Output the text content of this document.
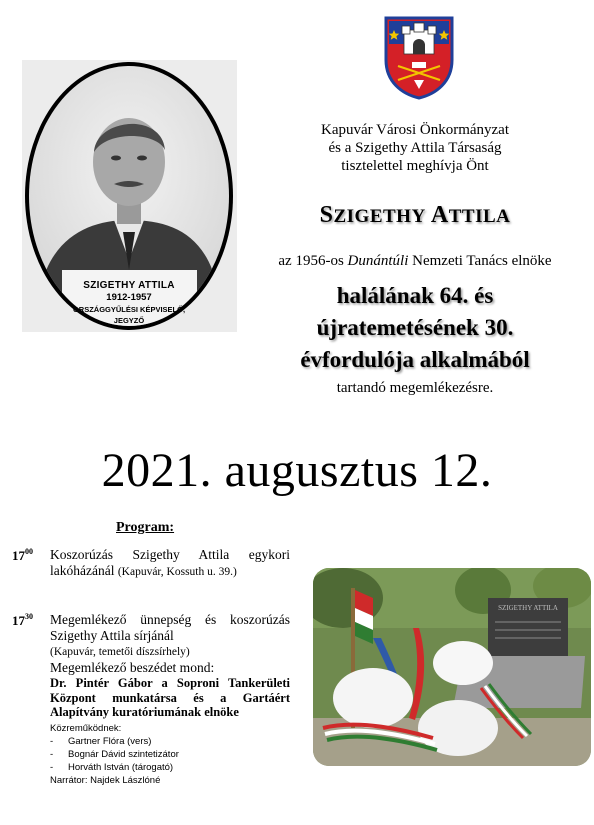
SZIGETHY ATTILA
1912-1957
ORSZÁGGYŰLÉSI KÉPVISELŐ,
JEGYZŐ
Kapuvár Városi Önkormányzat
és a Szigethy Attila Társaság
tisztelettel meghívja Önt
SZIGETHY ATTILA
az 1956-os Dunántúli Nemzeti Tanács elnöke
halálának 64. és
újratemetésének 30.
évfordulója alkalmából
tartandó megemlékezésre.
2021. augusztus 12.
Program:
$17^{00}$ Koszorúzás Szigethy Attila egykori lakóházánál (Kapuvár, Kossuth u. 39.)
$17^{30}$ Megemlékező ünnepség és koszorúzás Szigethy Attila sírjánál
(Kapuvár, temetői díszsírhely)
Megemlékező beszédet mond:
Dr. Pintér Gábor a Soproni Tankerületi Központ munkatársa és a Gartáért Alapítvány kuratóriumának elnöke
Közreműködnek:
- Gartner Flóra (vers)
- Bognár Dávid szintetizátor
- Horváth István (tárogató)
Narrátor: Najdek Lászlóné
SZIGETHY ATTILA
